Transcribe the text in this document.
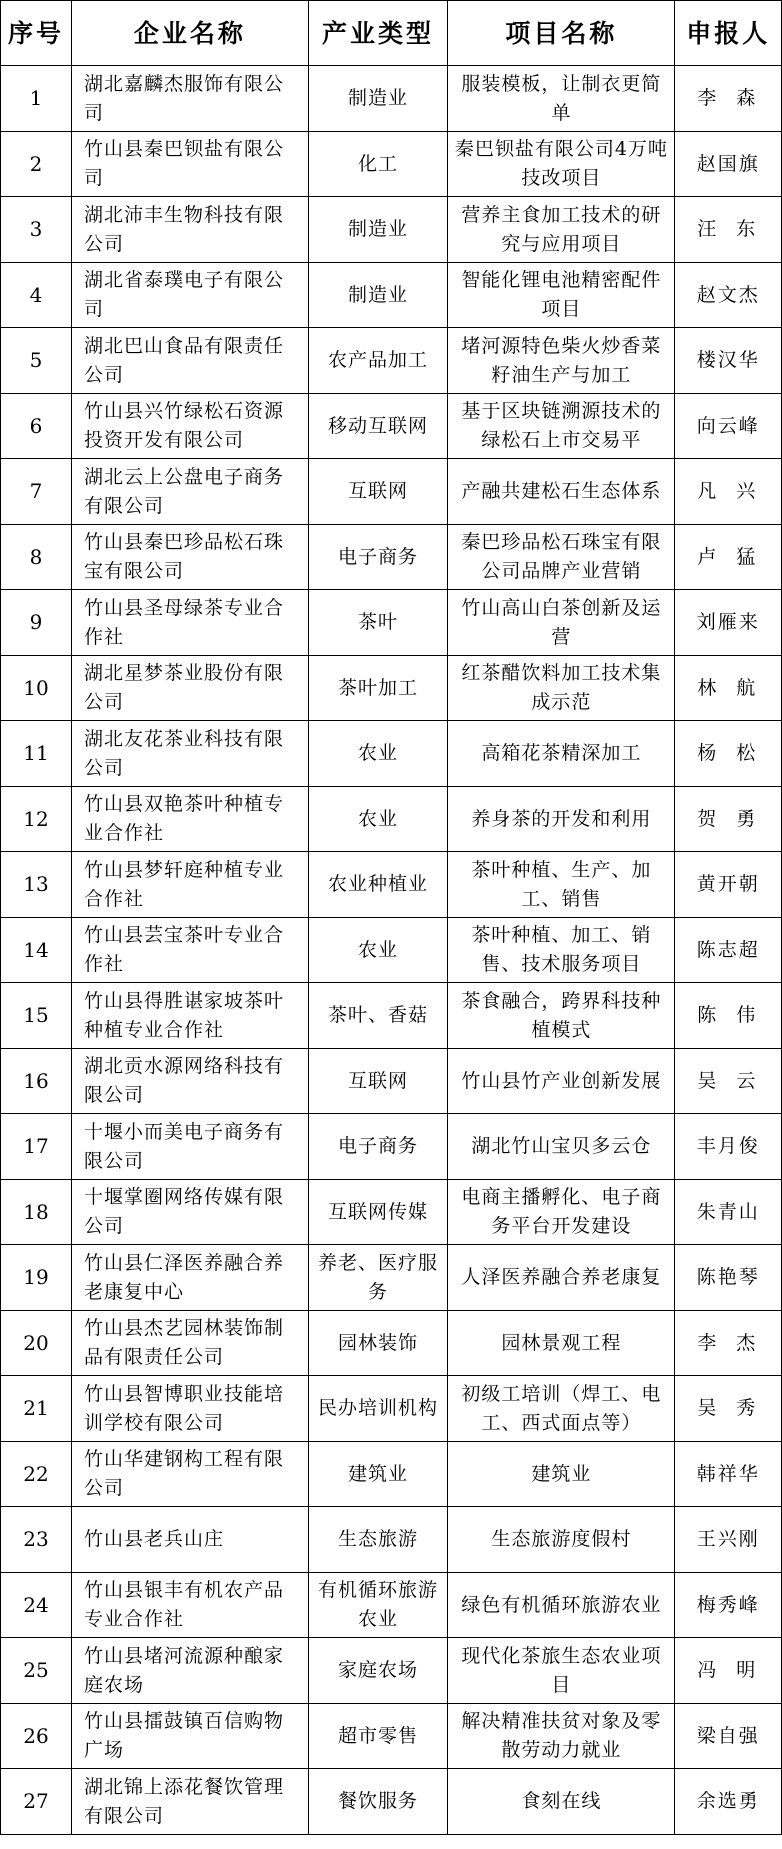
序号	企业名称	产业类型	项目名称	申报人
1	湖北嘉麟杰服饰有限公司	制造业	服装模板，让制衣更简单	李森
2	竹山县秦巴钡盐有限公司	化工	秦巴钡盐有限公司4万吨技改项目	赵国旗
3	湖北沛丰生物科技有限公司	制造业	营养主食加工技术的研究与应用项目	汪东
4	湖北省泰璞电子有限公司	制造业	智能化锂电池精密配件项目	赵文杰
5	湖北巴山食品有限责任公司	农产品加工	堵河源特色柴火炒香菜籽油生产与加工	楼汉华
6	竹山县兴竹绿松石资源投资开发有限公司	移动互联网	基于区块链溯源技术的绿松石上市交易平	向云峰
7	湖北云上公盘电子商务有限公司	互联网	产融共建松石生态体系	凡兴
8	竹山县秦巴珍品松石珠宝有限公司	电子商务	秦巴珍品松石珠宝有限公司品牌产业营销	卢猛
9	竹山县圣母绿茶专业合作社	茶叶	竹山高山白茶创新及运营	刘雁来
10	湖北星梦茶业股份有限公司	茶叶加工	红茶醋饮料加工技术集成示范	林航
11	湖北友花茶业科技有限公司	农业	高箱花茶精深加工	杨松
12	竹山县双艳茶叶种植专业合作社	农业	养身茶的开发和利用	贺勇
13	竹山县梦轩庭种植专业合作社	农业种植业	茶叶种植、生产、加工、销售	黄开朝
14	竹山县芸宝茶叶专业合作社	农业	茶叶种植、加工、销售、技术服务项目	陈志超
15	竹山县得胜谌家坡茶叶种植专业合作社	茶叶、香菇	茶食融合，跨界科技种植模式	陈伟
16	湖北贡水源网络科技有限公司	互联网	竹山县竹产业创新发展	吴云
17	十堰小而美电子商务有限公司	电子商务	湖北竹山宝贝多云仓	丰月俊
18	十堰掌圈网络传媒有限公司	互联网传媒	电商主播孵化、电子商务平台开发建设	朱青山
19	竹山县仁泽医养融合养老康复中心	养老、医疗服务	人泽医养融合养老康复	陈艳琴
20	竹山县杰艺园林装饰制品有限责任公司	园林装饰	园林景观工程	李杰
21	竹山县智博职业技能培训学校有限公司	民办培训机构	初级工培训（焊工、电工、西式面点等）	吴秀
22	竹山华建钢构工程有限公司	建筑业	建筑业	韩祥华
23	竹山县老兵山庄	生态旅游	生态旅游度假村	王兴刚
24	竹山县银丰有机农产品专业合作社	有机循环旅游农业	绿色有机循环旅游农业	梅秀峰
25	竹山县堵河流源种酿家庭农场	家庭农场	现代化茶旅生态农业项目	冯明
26	竹山县擂鼓镇百信购物广场	超市零售	解决精准扶贫对象及零散劳动力就业	梁自强
27	湖北锦上添花餐饮管理有限公司	餐饮服务	食刻在线	余选勇
